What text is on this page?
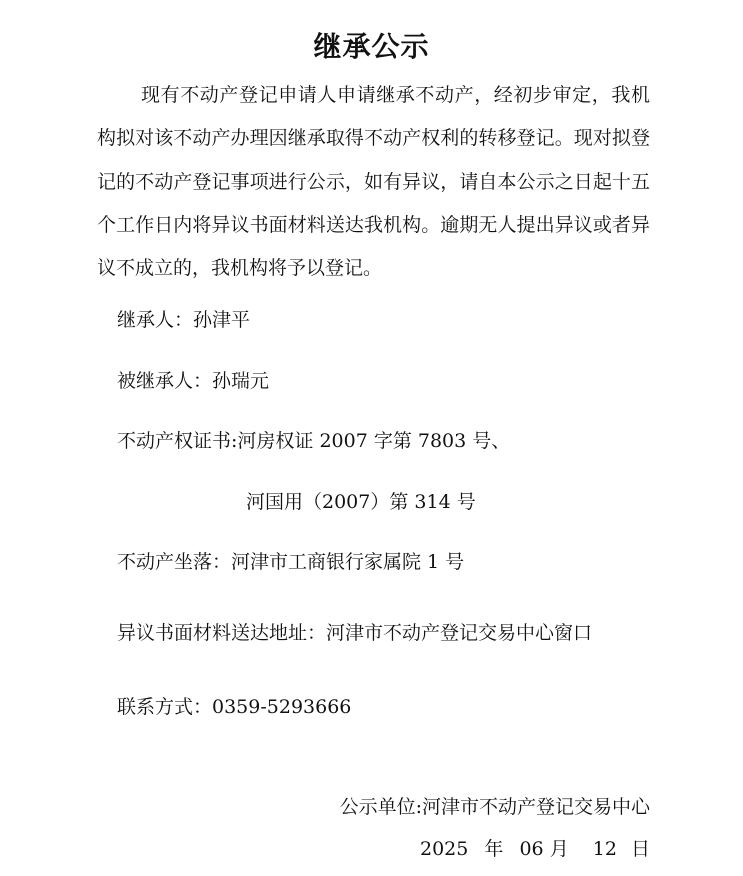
继承公示

现有不动产登记申请人申请继承不动产，经初步审定，我机构拟对该不动产办理因继承取得不动产权利的转移登记。现对拟登记的不动产登记事项进行公示，如有异议，请自本公示之日起十五个工作日内将异议书面材料送达我机构。逾期无人提出异议或者异议不成立的，我机构将予以登记。

继承人：孙津平
被继承人：孙瑞元
不动产权证书:河房权证 2007 字第 7803 号、
河国用（2007）第 314 号
不动产坐落：河津市工商银行家属院 1 号
异议书面材料送达地址：河津市不动产登记交易中心窗口
联系方式：0359-5293666
公示单位:河津市不动产登记交易中心
2025 年 06 月 12 日
